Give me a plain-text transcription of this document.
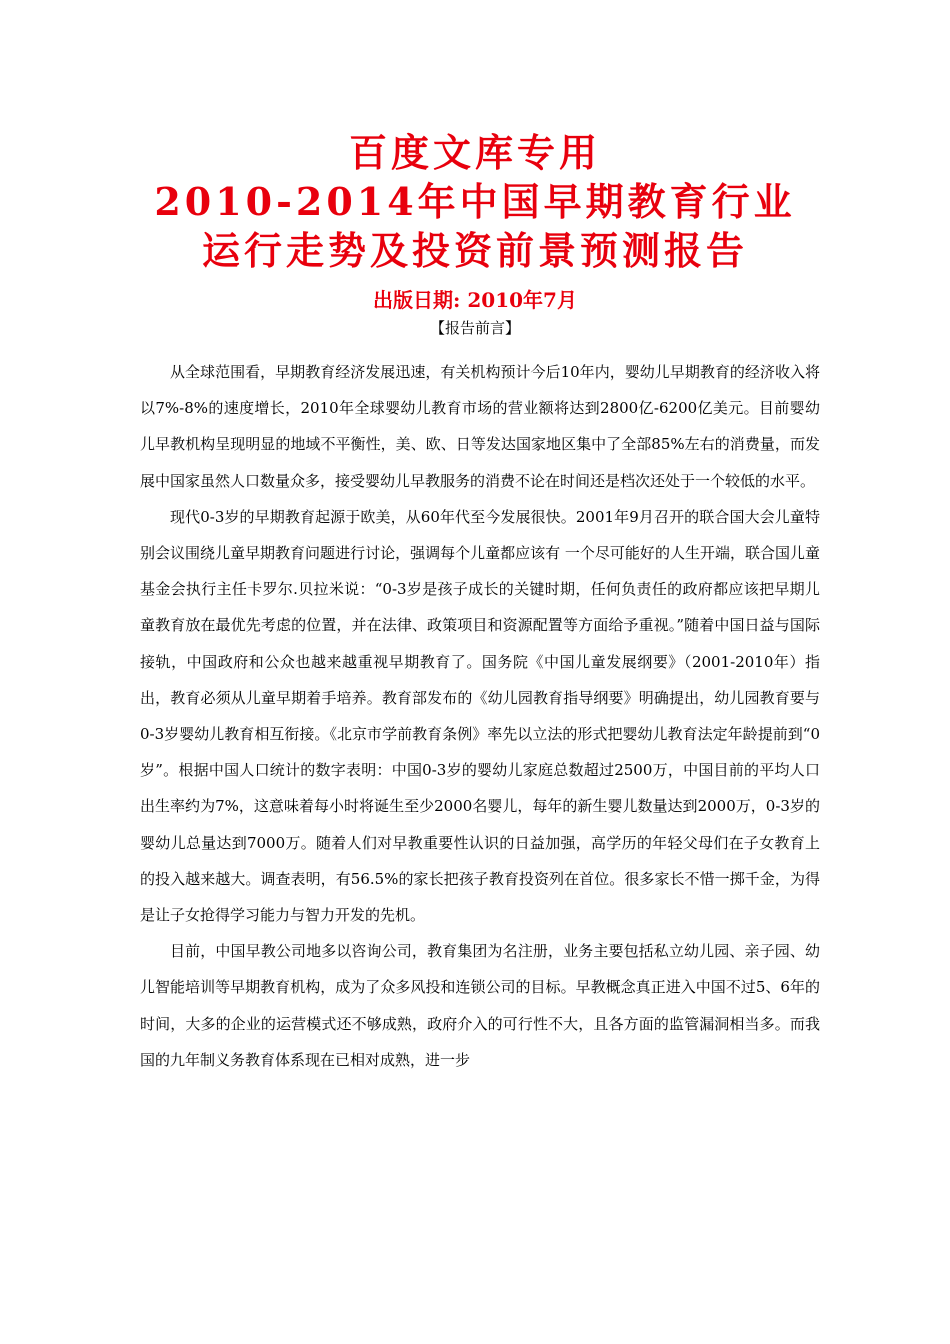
百度文库专用
2010-2014年中国早期教育行业
运行走势及投资前景预测报告
出版日期: 2010年7月
【报告前言】

从全球范围看，早期教育经济发展迅速，有关机构预计今后10年内，婴幼儿早期教育的经济收入将以7%-8%的速度增长，2010年全球婴幼儿教育市场的营业额将达到2800亿-6200亿美元。目前婴幼儿早教机构呈现明显的地域不平衡性，美、欧、日等发达国家地区集中了全部85%左右的消费量，而发展中国家虽然人口数量众多，接受婴幼儿早教服务的消费不论在时间还是档次还处于一个较低的水平。

现代0-3岁的早期教育起源于欧美，从60年代至今发展很快。2001年9月召开的联合国大会儿童特别会议围绕儿童早期教育问题进行讨论，强调每个儿童都应该有 一个尽可能好的人生开端，联合国儿童基金会执行主任卡罗尔.贝拉米说：“0-3岁是孩子成长的关键时期，任何负责任的政府都应该把早期儿童教育放在最优先考虑的位置，并在法律、政策项目和资源配置等方面给予重视。”随着中国日益与国际接轨，中国政府和公众也越来越重视早期教育了。国务院《中国儿童发展纲要》（2001-2010年）指出，教育必须从儿童早期着手培养。教育部发布的《幼儿园教育指导纲要》明确提出，幼儿园教育要与0-3岁婴幼儿教育相互衔接。《北京市学前教育条例》率先以立法的形式把婴幼儿教育法定年龄提前到“0岁”。根据中国人口统计的数字表明：中国0-3岁的婴幼儿家庭总数超过2500万，中国目前的平均人口出生率约为7%，这意味着每小时将诞生至少2000名婴儿，每年的新生婴儿数量达到2000万，0-3岁的婴幼儿总量达到7000万。随着人们对早教重要性认识的日益加强，高学历的年轻父母们在子女教育上的投入越来越大。调查表明，有56.5%的家长把孩子教育投资列在首位。很多家长不惜一掷千金，为得是让子女抢得学习能力与智力开发的先机。

目前，中国早教公司地多以咨询公司，教育集团为名注册，业务主要包括私立幼儿园、亲子园、幼儿智能培训等早期教育机构，成为了众多风投和连锁公司的目标。早教概念真正进入中国不过5、6年的时间，大多的企业的运营模式还不够成熟，政府介入的可行性不大，且各方面的监管漏洞相当多。而我国的九年制义务教育体系现在已相对成熟，进一步
